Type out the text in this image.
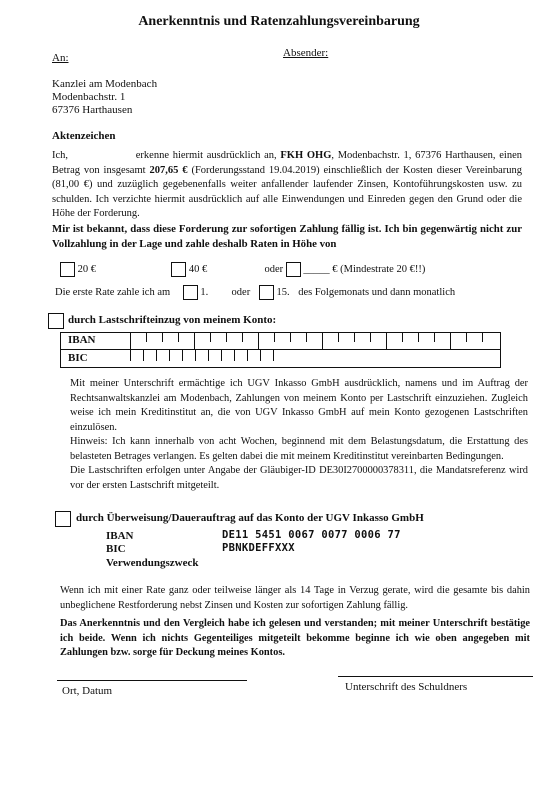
Anerkenntnis und Ratenzahlungsvereinbarung
An:	Absender:
Kanzlei am Modenbach
Modenbachstr. 1
67376 Harthausen
Aktenzeichen
Ich,	erkenne hiermit ausdrücklich an, FKH OHG, Modenbachstr. 1, 67376 Harthausen, einen Betrag von insgesamt 207,65 € (Forderungsstand 19.04.2019) einschließlich der Kosten dieser Vereinbarung (81,00 €) und zuzüglich gegebenenfalls weiter anfallender laufender Zinsen, Kontoführungskosten usw. zu schulden. Ich verzichte hiermit ausdrücklich auf alle Einwendungen und Einreden gegen den Grund oder die Höhe der Forderung.
Mir ist bekannt, dass diese Forderung zur sofortigen Zahlung fällig ist. Ich bin gegenwärtig nicht zur Vollzahlung in der Lage und zahle deshalb Raten in Höhe von
20 €	40 €	oder _____ € (Mindestrate 20 €!!)
Die erste Rate zahle ich am	1. oder	15. des Folgemonats und dann monatlich
durch Lastschrifteinzug von meinem Konto:
IBAN
BIC
Mit meiner Unterschrift ermächtige ich UGV Inkasso GmbH ausdrücklich, namens und im Auftrag der Rechtsanwaltskanzlei am Modenbach, Zahlungen von meinem Konto per Lastschrift einzuziehen. Zugleich weise ich mein Kreditinstitut an, die von UGV Inkasso GmbH auf mein Konto gezogenen Lastschriften einzulösen.
Hinweis: Ich kann innerhalb von acht Wochen, beginnend mit dem Belastungsdatum, die Erstattung des belasteten Betrages verlangen. Es gelten dabei die mit meinem Kreditinstitut vereinbarten Bedingungen.
Die Lastschriften erfolgen unter Angabe der Gläubiger-ID DE30I2700000378311, die Mandatsreferenz wird vor der ersten Lastschrift mitgeteilt.
durch Überweisung/Dauerauftrag auf das Konto der UGV Inkasso GmbH
IBAN	DE11 5451 0067 0077 0006 77
BIC	PBNKDEFFXXX
Verwendungszweck
Wenn ich mit einer Rate ganz oder teilweise länger als 14 Tage in Verzug gerate, wird die gesamte bis dahin unbeglichene Restforderung nebst Zinsen und Kosten zur sofortigen Zahlung fällig.
Das Anerkenntnis und den Vergleich habe ich gelesen und verstanden; mit meiner Unterschrift bestätige ich beide. Wenn ich nichts Gegenteiliges mitgeteilt bekomme beginne ich wie oben angegeben mit Zahlungen bzw. sorge für Deckung meines Kontos.
Ort, Datum	Unterschrift des Schuldners
